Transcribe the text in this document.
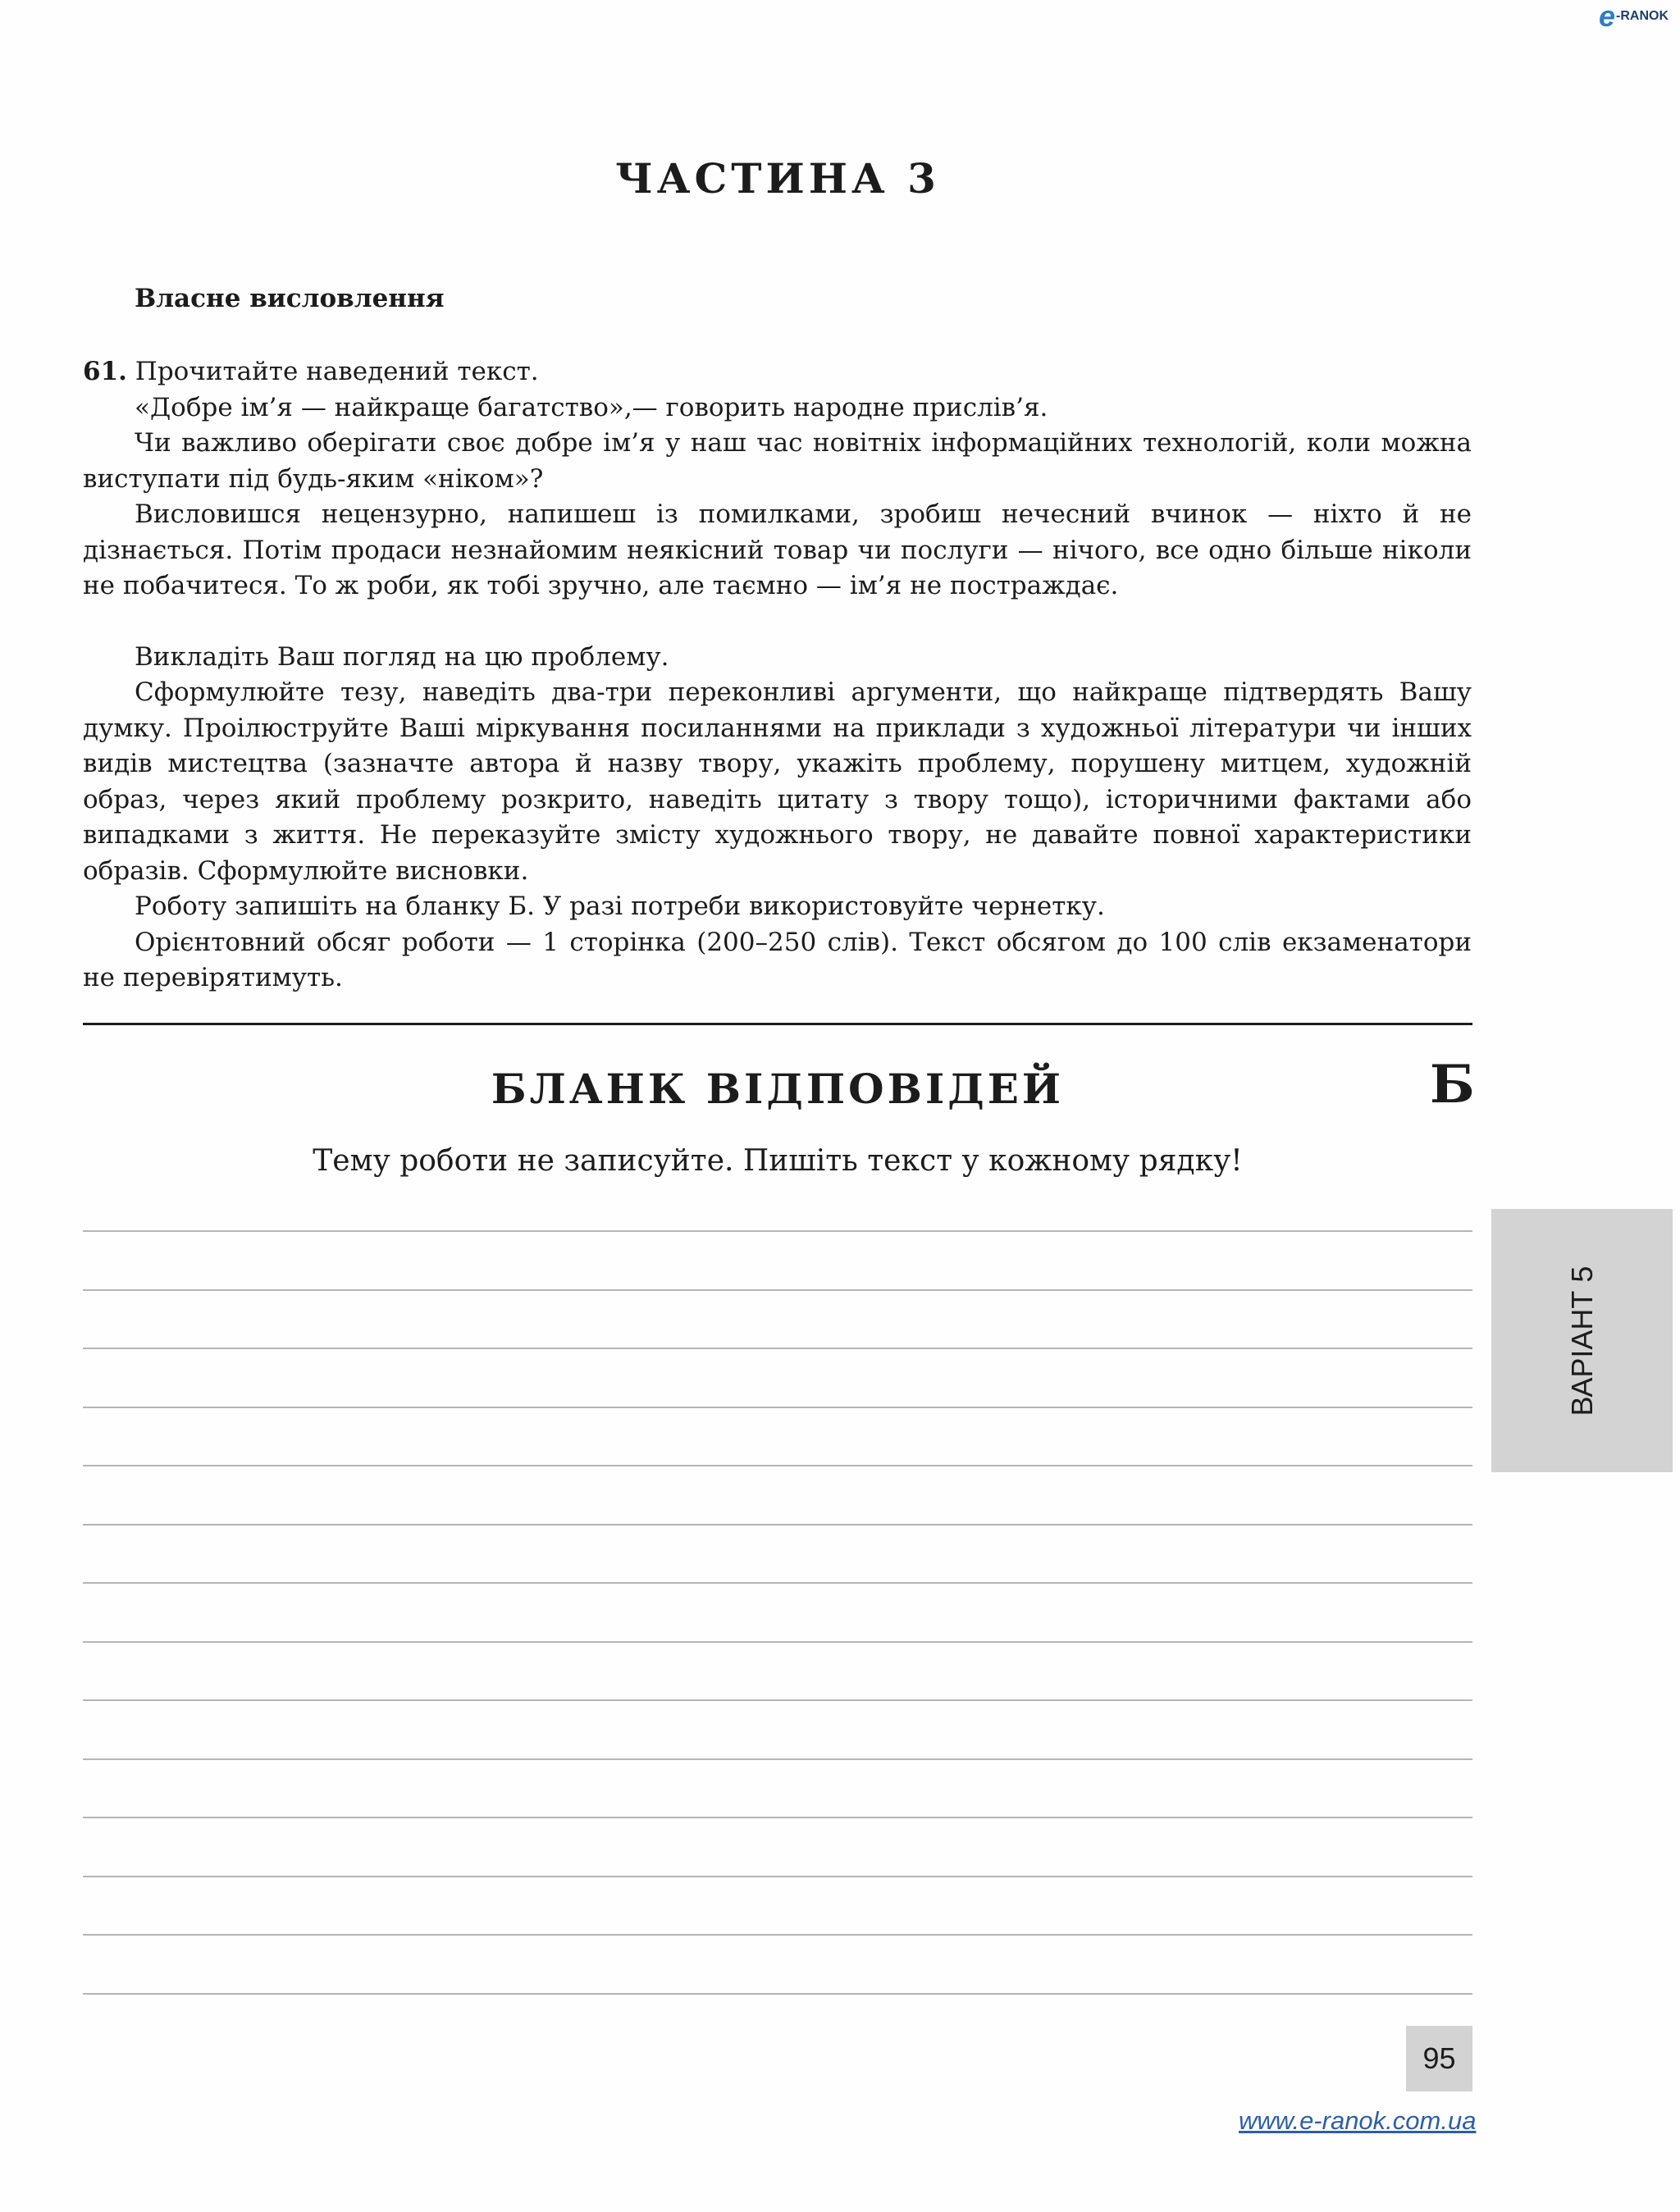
e -RANOK
ЧАСТИНА 3
Власне висловлення

61. Прочитайте наведений текст.

«Добре ім’я — найкраще багатство»,— говорить народне прислів’я.

Чи важливо оберігати своє добре ім’я у наш час новітніх інформаційних технологій, коли можна виступати під будь-яким «ніком»?

Висловишся нецензурно, напишеш із помилками, зробиш нечесний вчинок — ніхто й не дізнається. Потім продаси незнайомим неякісний товар чи послуги — нічого, все одно більше ніколи не побачитеся. То ж роби, як тобі зручно, але таємно — ім’я не постраждає.

Викладіть Ваш погляд на цю проблему.

Сформулюйте тезу, наведіть два-три переконливі аргументи, що найкраще підтвердять Вашу думку. Проілюструйте Ваші міркування посиланнями на приклади з художньої літератури чи інших видів мистецтва (зазначте автора й назву твору, укажіть проблему, порушену митцем, художній образ, через який проблему розкрито, наведіть цитату з твору тощо), історичними фактами або випадками з життя. Не переказуйте змісту художнього твору, не давайте повної характеристики образів. Сформулюйте висновки.

Роботу запишіть на бланку Б. У разі потреби використовуйте чернетку.

Орієнтовний обсяг роботи — 1 сторінка (200–250 слів). Текст обсягом до 100 слів екзаменатори не перевірятимуть.

БЛАНК ВІДПОВІДЕЙ	Б
Тему роботи не записуйте. Пишіть текст у кожному рядку!
ВАРІАНТ 5
95
www.e-ranok.com.ua
